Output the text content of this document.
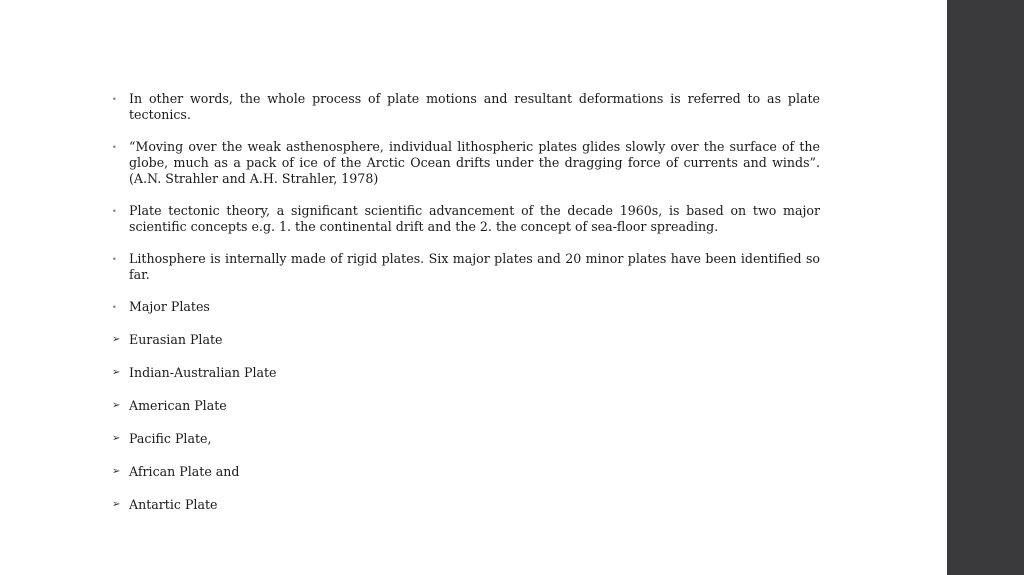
• In other words, the whole process of plate motions and resultant deformations is referred to as plate tectonics.
• “Moving over the weak asthenosphere, individual lithospheric plates glides slowly over the surface of the globe, much as a pack of ice of the Arctic Ocean drifts under the dragging force of currents and winds”. (A.N. Strahler and A.H. Strahler, 1978)
• Plate tectonic theory, a significant scientific advancement of the decade 1960s, is based on two major scientific concepts e.g. 1. the continental drift and the 2. the concept of sea-floor spreading.
• Lithosphere is internally made of rigid plates. Six major plates and 20 minor plates have been identified so far.
• Major Plates
➢ Eurasian Plate
➢ Indian-Australian Plate
➢ American Plate
➢ Pacific Plate,
➢ African Plate and
➢ Antartic Plate
